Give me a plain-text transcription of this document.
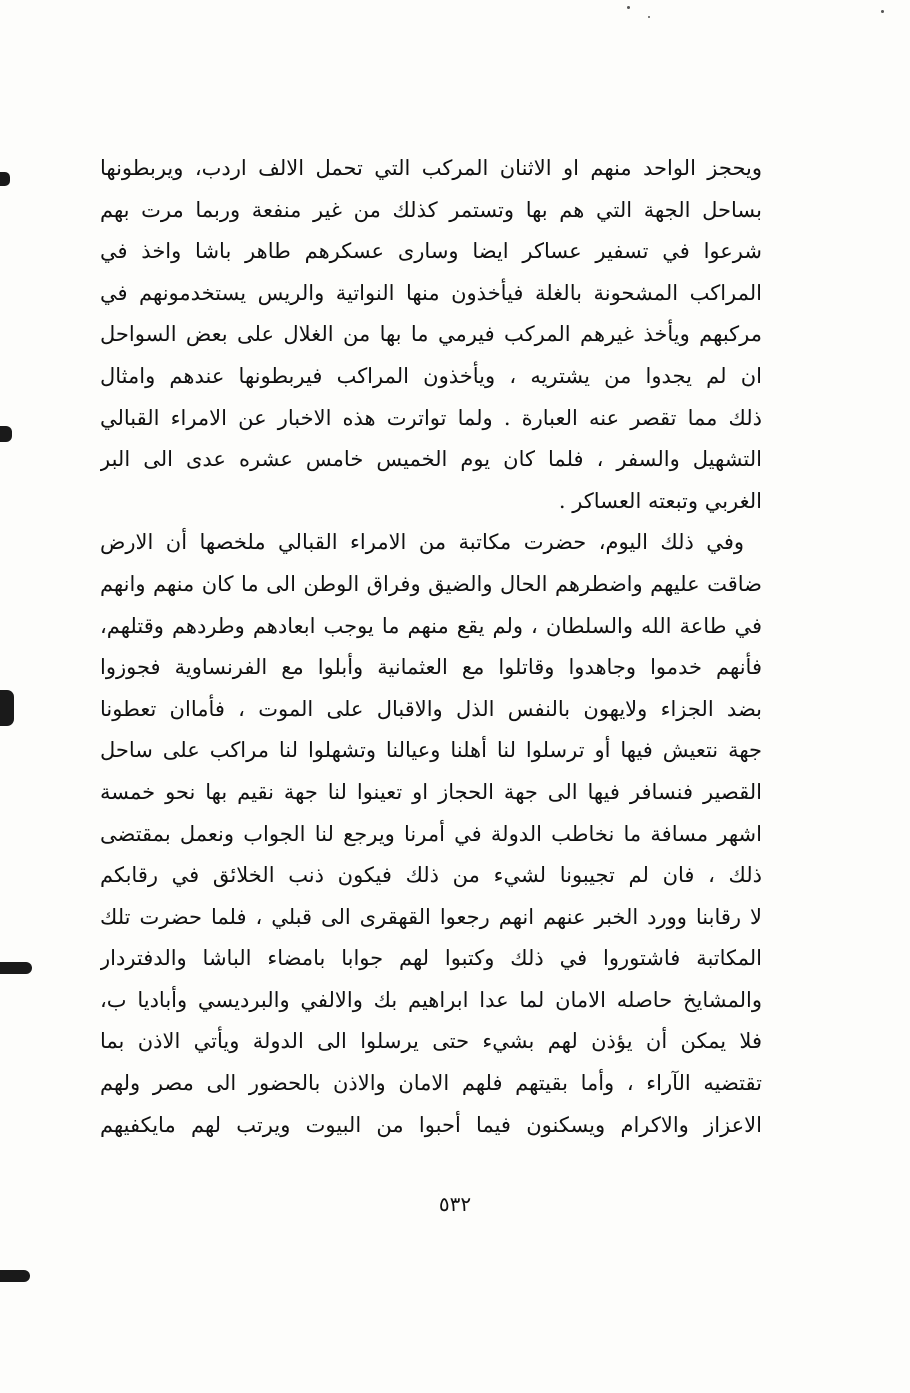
ويحجز الواحد منهم او الاثنان المركب التي تحمل الالف اردب، ويربطونها
بساحل الجهة التي هم بها وتستمر كذلك من غير منفعة وربما مرت بهم
شرعوا في تسفير عساكر ايضا وسارى عسكرهم طاهر باشا واخذ في
المراكب المشحونة بالغلة فيأخذون منها النواتية والريس يستخدمونهم في
مركبهم ويأخذ غيرهم المركب فيرمي ما بها من الغلال على بعض السواحل
ان لم يجدوا من يشتريه ، ويأخذون المراكب فيربطونها عندهم وامثال
ذلك مما تقصر عنه العبارة . ولما تواترت هذه الاخبار عن الامراء القبالي
التشهيل والسفر ، فلما كان يوم الخميس خامس عشره عدى الى البر
الغربي وتبعته العساكر .
وفي ذلك اليوم، حضرت مكاتبة من الامراء القبالي ملخصها أن الارض
ضاقت عليهم واضطرهم الحال والضيق وفراق الوطن الى ما كان منهم وانهم
في طاعة الله والسلطان ، ولم يقع منهم ما يوجب ابعادهم وطردهم وقتلهم،
فأنهم خدموا وجاهدوا وقاتلوا مع العثمانية وأبلوا مع الفرنساوية فجوزوا
بضد الجزاء ولايهون بالنفس الذل والاقبال على الموت ، فأماان تعطونا
جهة نتعيش فيها أو ترسلوا لنا أهلنا وعيالنا وتشهلوا لنا مراكب على ساحل
القصير فنسافر فيها الى جهة الحجاز او تعينوا لنا جهة نقيم بها نحو خمسة
اشهر مسافة ما نخاطب الدولة في أمرنا ويرجع لنا الجواب ونعمل بمقتضى
ذلك ، فان لم تجيبونا لشيء من ذلك فيكون ذنب الخلائق في رقابكم
لا رقابنا وورد الخبر عنهم انهم رجعوا القهقرى الى قبلي ، فلما حضرت تلك
المكاتبة فاشتوروا في ذلك وكتبوا لهم جوابا بامضاء الباشا والدفتردار
والمشايخ حاصله الامان لما عدا ابراهيم بك والالفي والبرديسي وأباديا ب،
فلا يمكن أن يؤذن لهم بشيء حتى يرسلوا الى الدولة ويأتي الاذن بما
تقتضيه الآراء ، وأما بقيتهم فلهم الامان والاذن بالحضور الى مصر ولهم
الاعزاز والاكرام ويسكنون فيما أحبوا من البيوت ويرتب لهم مايكفيهم
٥٣٢
